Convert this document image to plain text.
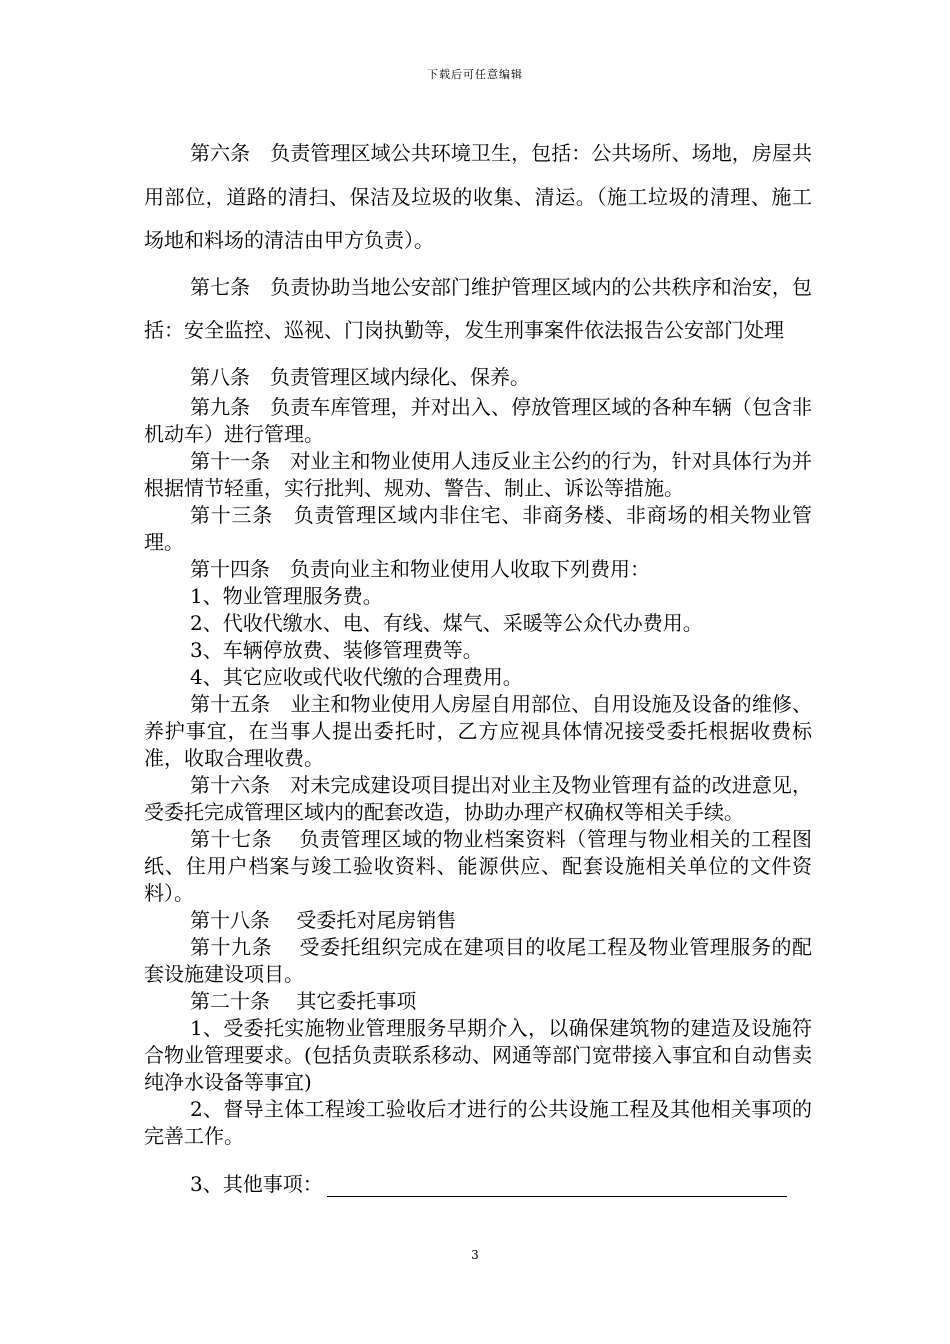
下载后可任意编辑

第六条　负责管理区域公共环境卫生，包括：公共场所、场地，房屋共用部位，道路的清扫、保洁及垃圾的收集、清运。（施工垃圾的清理、施工场地和料场的清洁由甲方负责）。

第七条　负责协助当地公安部门维护管理区域内的公共秩序和治安，包括：安全监控、巡视、门岗执勤等，发生刑事案件依法报告公安部门处理

第八条　负责管理区域内绿化、保养。

第九条　负责车库管理，并对出入、停放管理区域的各种车辆（包含非机动车）进行管理。

第十一条　对业主和物业使用人违反业主公约的行为，针对具体行为并根据情节轻重，实行批判、规劝、警告、制止、诉讼等措施。

第十三条　负责管理区域内非住宅、非商务楼、非商场的相关物业管理。

第十四条　负责向业主和物业使用人收取下列费用：

1、物业管理服务费。

2、代收代缴水、电、有线、煤气、采暖等公众代办费用。

3、车辆停放费、装修管理费等。

4、其它应收或代收代缴的合理费用。

第十五条　业主和物业使用人房屋自用部位、自用设施及设备的维修、养护事宜，在当事人提出委托时，乙方应视具体情况接受委托根据收费标准，收取合理收费。

第十六条　对未完成建设项目提出对业主及物业管理有益的改进意见，受委托完成管理区域内的配套改造，协助办理产权确权等相关手续。

第十七条　 负责管理区域的物业档案资料（管理与物业相关的工程图纸、住用户档案与竣工验收资料、能源供应、配套设施相关单位的文件资料）。

第十八条　 受委托对尾房销售

第十九条　 受委托组织完成在建项目的收尾工程及物业管理服务的配套设施建设项目。

第二十条　 其它委托事项

1、受委托实施物业管理服务早期介入，以确保建筑物的建造及设施符合物业管理要求。(包括负责联系移动、网通等部门宽带接入事宜和自动售卖纯净水设备等事宜)

2、督导主体工程竣工验收后才进行的公共设施工程及其他相关事项的完善工作。

3、其他事项：

3
